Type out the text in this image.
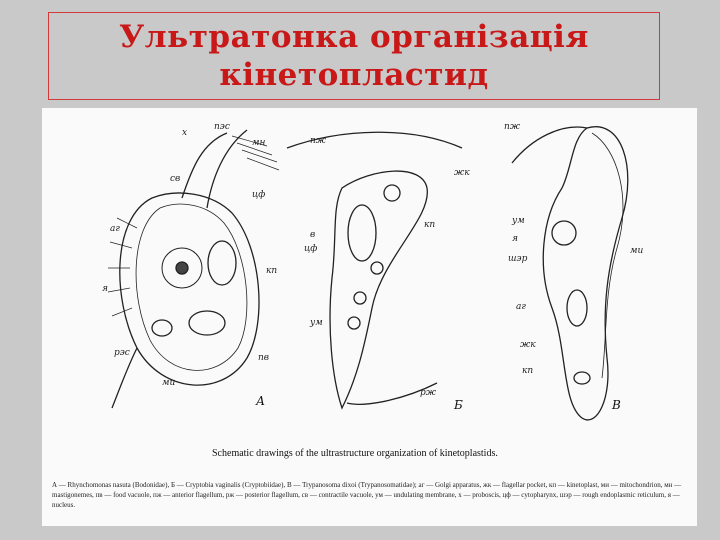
Ультратонка організація
кінетопластид
х
пэс
мн
св
цф
аг
кп
я
рэс	пв
ми
А
пж
жк
в
кп
цф
ум
рж
Б
пж
ум
я
ми
шэр
аг
жк
кп
В
Schematic drawings of the ultrastructure organization of kinetoplastids.
А — Rhynchomonas nasuta (Bodonidae), Б — Cryptobia vaginalis (Cryptobiidae), В — Trypanosoma dixoi (Trypanosomatidae); аг — Golgi apparatus, жк — flagellar pocket, кп — kinetoplast, ми — mitochondrion, мн — mastigonemes, пв — food vacuole, пж — anterior flagellum, рж — posterior flagellum, св — contractile vacuole, ум — undulating membrane, х — proboscis, цф — cytopharynx, шэр — rough endoplasmic reticulum, я — nucleus.
